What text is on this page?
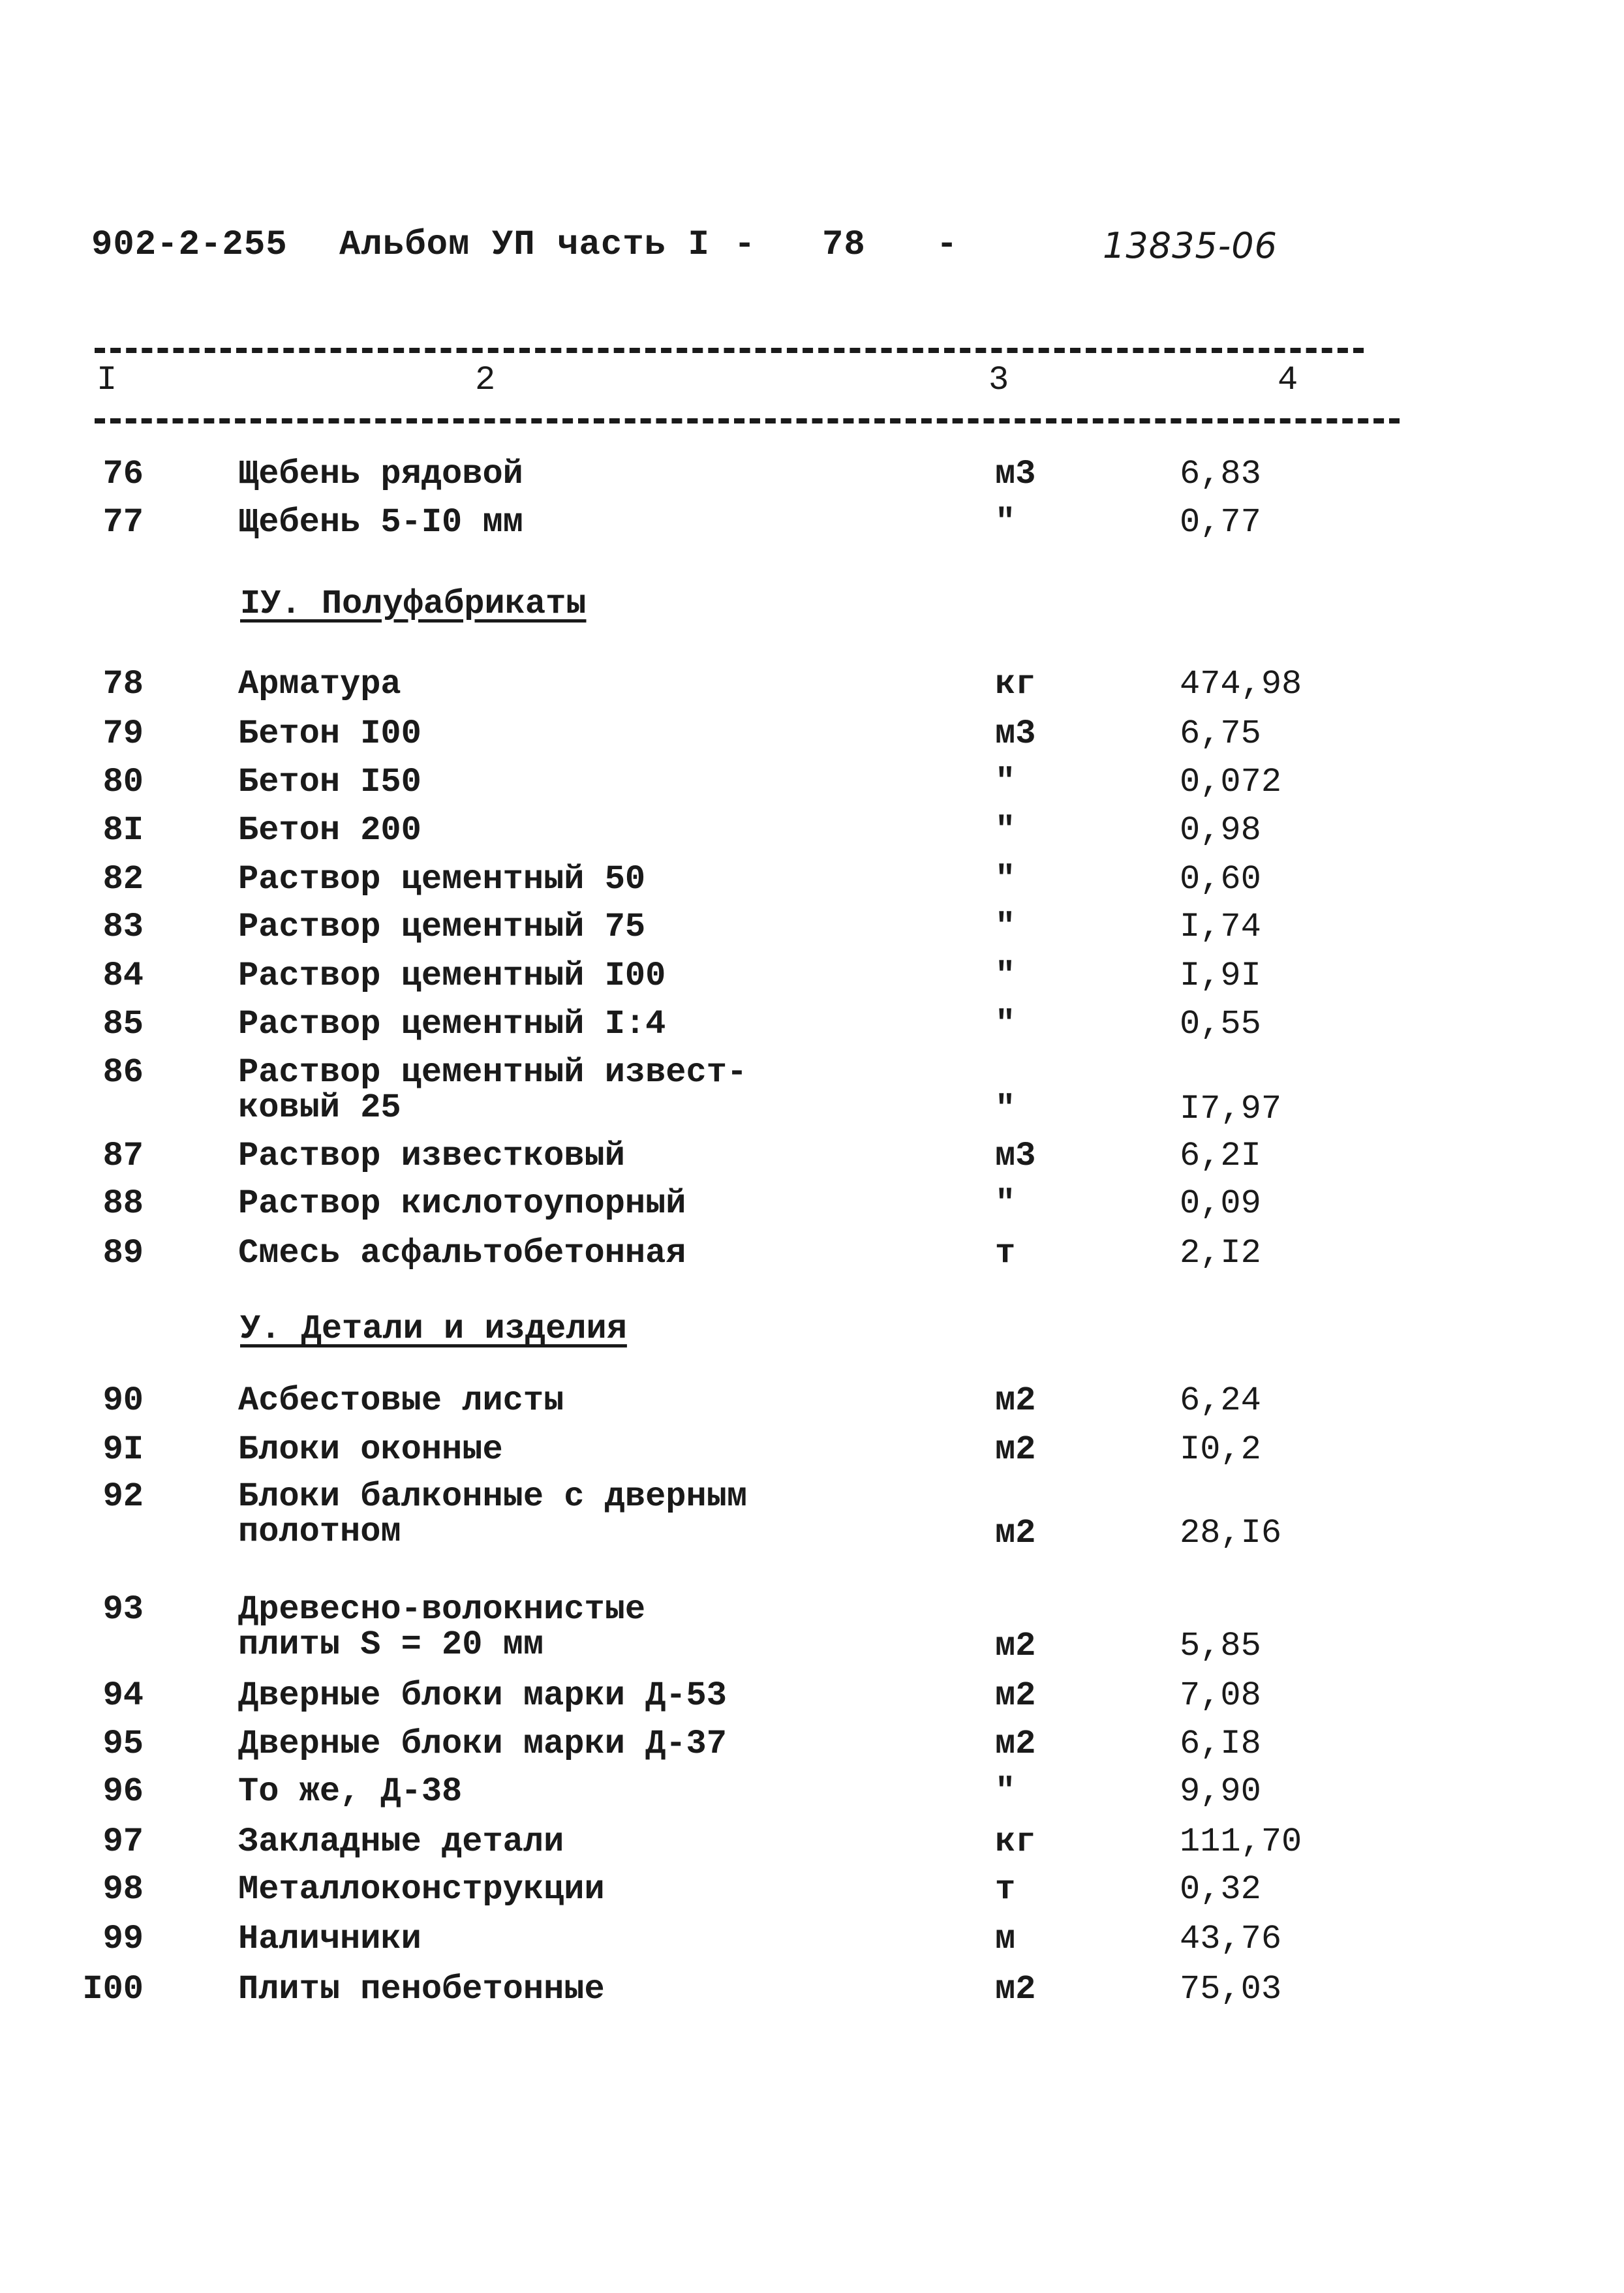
902-2-255 Альбом УП часть I - 78 -	13835-06
I	2	3	4
IУ. Полуфабрикаты
У. Детали и изделия
76	Щебень рядовой	м3	6,83
77	Щебень 5-I0 мм	"	0,77
78	Арматура	кг	474,98
79	Бетон I00	м3	6,75
80	Бетон I50	"	0,072
8I	Бетон 200	"	0,98
82	Раствор цементный 50	"	0,60
83	Раствор цементный 75	"	I,74
84	Раствор цементный I00	"	I,9I
85	Раствор цементный I:4	"	0,55
86	Раствор цементный извест-
ковый 25	"	I7,97
87	Раствор известковый	м3	6,2I
88	Раствор кислотоупорный	"	0,09
89	Смесь асфальтобетонная	т	2,I2
90	Асбестовые листы	м2	6,24
9I	Блоки оконные	м2	I0,2
92	Блоки балконные с дверным
полотном	м2	28,I6
93	Древесно-волокнистые
плиты S = 20 мм	м2	5,85
94	Дверные блоки марки Д-53	м2	7,08
95	Дверные блоки марки Д-37	м2	6,I8
96	То же, Д-38	"	9,90
97	Закладные детали	кг	111,70
98	Металлоконструкции	т	0,32
99	Наличники	м	43,76
I00	Плиты пенобетонные	м2	75,03
